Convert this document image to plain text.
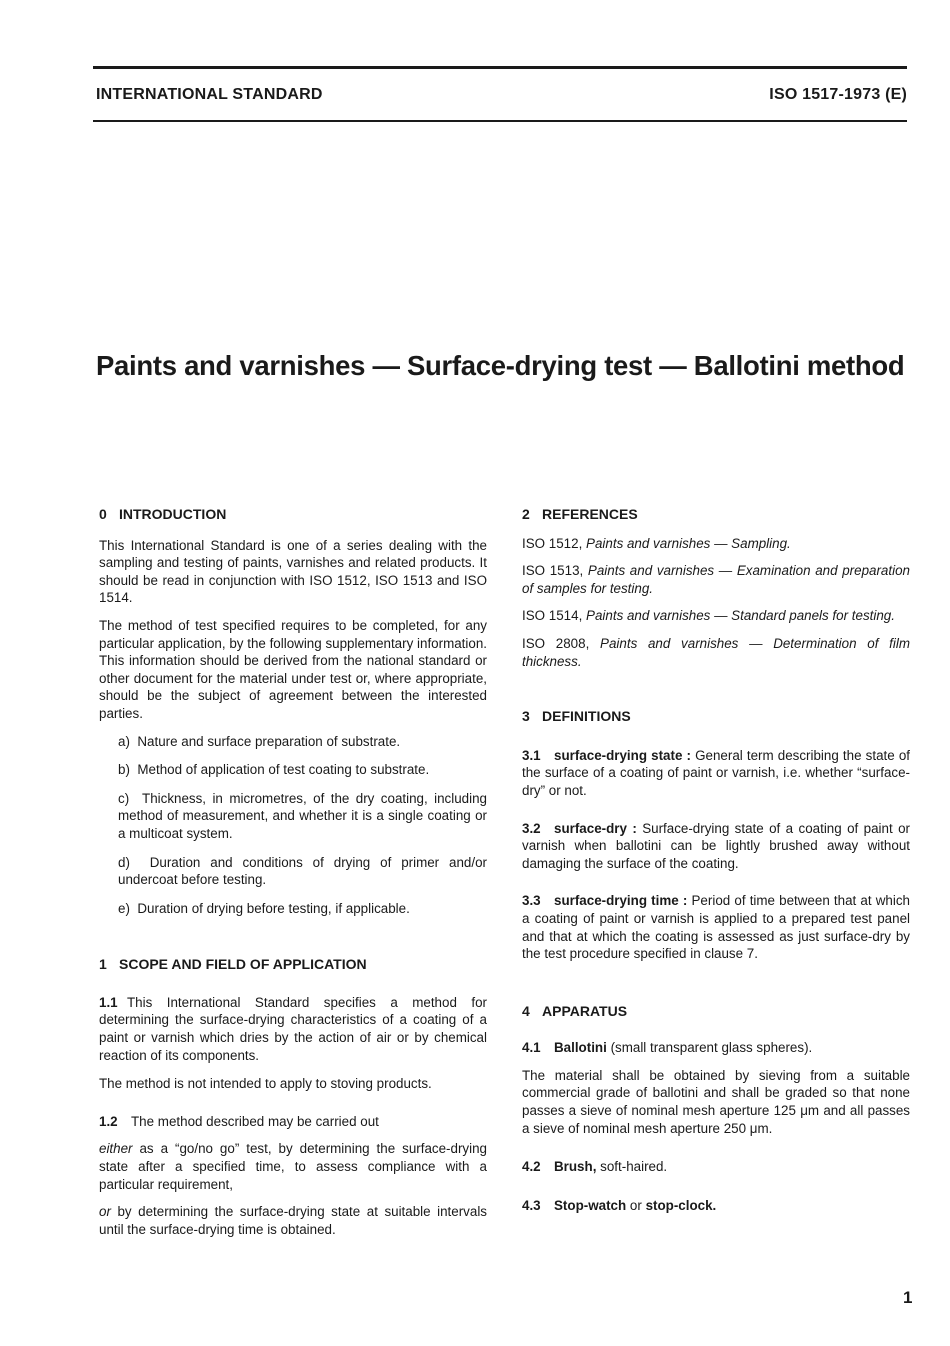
INTERNATIONAL STANDARD	ISO 1517-1973 (E)
Paints and varnishes — Surface-drying test — Ballotini method
0 INTRODUCTION

This International Standard is one of a series dealing with the sampling and testing of paints, varnishes and related products. It should be read in conjunction with ISO 1512, ISO 1513 and ISO 1514.

The method of test specified requires to be completed, for any particular application, by the following supplementary information. This information should be derived from the national standard or other document for the material under test or, where appropriate, should be the subject of agreement between the interested parties.

a) Nature and surface preparation of substrate.

b) Method of application of test coating to substrate.

c) Thickness, in micrometres, of the dry coating, including method of measurement, and whether it is a single coating or a multicoat system.

d) Duration and conditions of drying of primer and/or undercoat before testing.

e) Duration of drying before testing, if applicable.

1 SCOPE AND FIELD OF APPLICATION

1.1 This International Standard specifies a method for determining the surface-drying characteristics of a coating of a paint or varnish which dries by the action of air or by chemical reaction of its components.

The method is not intended to apply to stoving products.

1.2 The method described may be carried out

either as a “go/no go” test, by determining the surface-drying state after a specified time, to assess compliance with a particular requirement,

or by determining the surface-drying state at suitable intervals until the surface-drying time is obtained.

2 REFERENCES

ISO 1512, Paints and varnishes — Sampling.

ISO 1513, Paints and varnishes — Examination and preparation of samples for testing.

ISO 1514, Paints and varnishes — Standard panels for testing.

ISO 2808, Paints and varnishes — Determination of film thickness.

3 DEFINITIONS

3.1 surface-drying state : General term describing the state of the surface of a coating of paint or varnish, i.e. whether “surface-dry” or not.

3.2 surface-dry : Surface-drying state of a coating of paint or varnish when ballotini can be lightly brushed away without damaging the surface of the coating.

3.3 surface-drying time : Period of time between that at which a coating of paint or varnish is applied to a prepared test panel and that at which the coating is assessed as just surface-dry by the test procedure specified in clause 7.

4 APPARATUS

4.1 Ballotini (small transparent glass spheres).

The material shall be obtained by sieving from a suitable commercial grade of ballotini and shall be graded so that none passes a sieve of nominal mesh aperture 125 μm and all passes a sieve of nominal mesh aperture 250 μm.

4.2 Brush, soft-haired.

4.3 Stop-watch or stop-clock.

1
